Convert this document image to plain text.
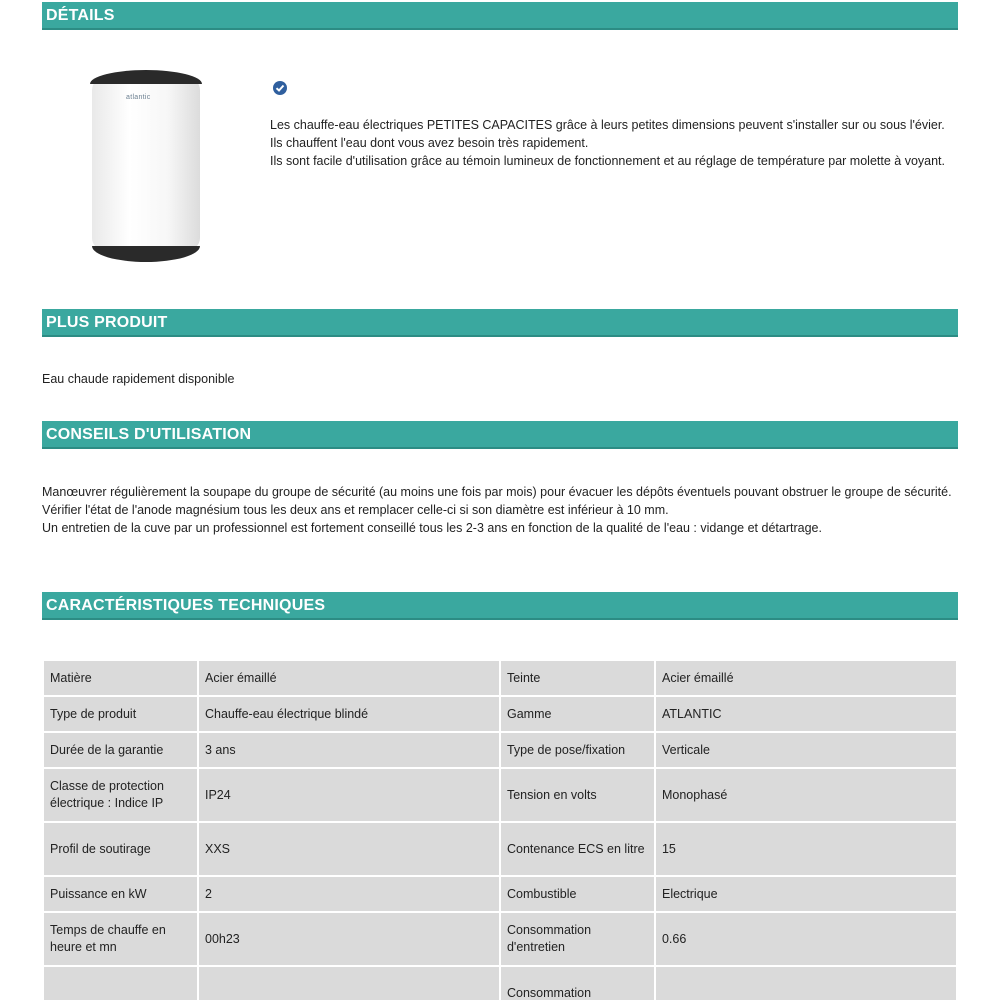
DÉTAILS
atlantic

Les chauffe-eau électriques PETITES CAPACITES grâce à leurs petites dimensions peuvent s'installer sur ou sous l'évier.

Ils chauffent l'eau dont vous avez besoin très rapidement.

Ils sont facile d'utilisation grâce au témoin lumineux de fonctionnement et au réglage de température par molette à voyant.

PLUS PRODUIT

Eau chaude rapidement disponible

CONSEILS D'UTILISATION

Manœuvrer régulièrement la soupape du groupe de sécurité (au moins une fois par mois) pour évacuer les dépôts éventuels pouvant obstruer le groupe de sécurité.

Vérifier l'état de l'anode magnésium tous les deux ans et remplacer celle-ci si son diamètre est inférieur à 10 mm.

Un entretien de la cuve par un professionnel est fortement conseillé tous les 2-3 ans en fonction de la qualité de l'eau : vidange et détartrage.

CARACTÉRISTIQUES TECHNIQUES
Matière	Acier émaillé	Teinte	Acier émaillé
Type de produit	Chauffe-eau électrique blindé	Gamme	ATLANTIC
Durée de la garantie	3 ans	Type de pose/fixation	Verticale
Classe de protection électrique : Indice IP	IP24	Tension en volts	Monophasé
Profil de soutirage	XXS	Contenance ECS en litre	15
Puissance en kW	2	Combustible	Electrique
Temps de chauffe en heure et mn	00h23	Consommation d'entretien	0.66
		Consommation	
